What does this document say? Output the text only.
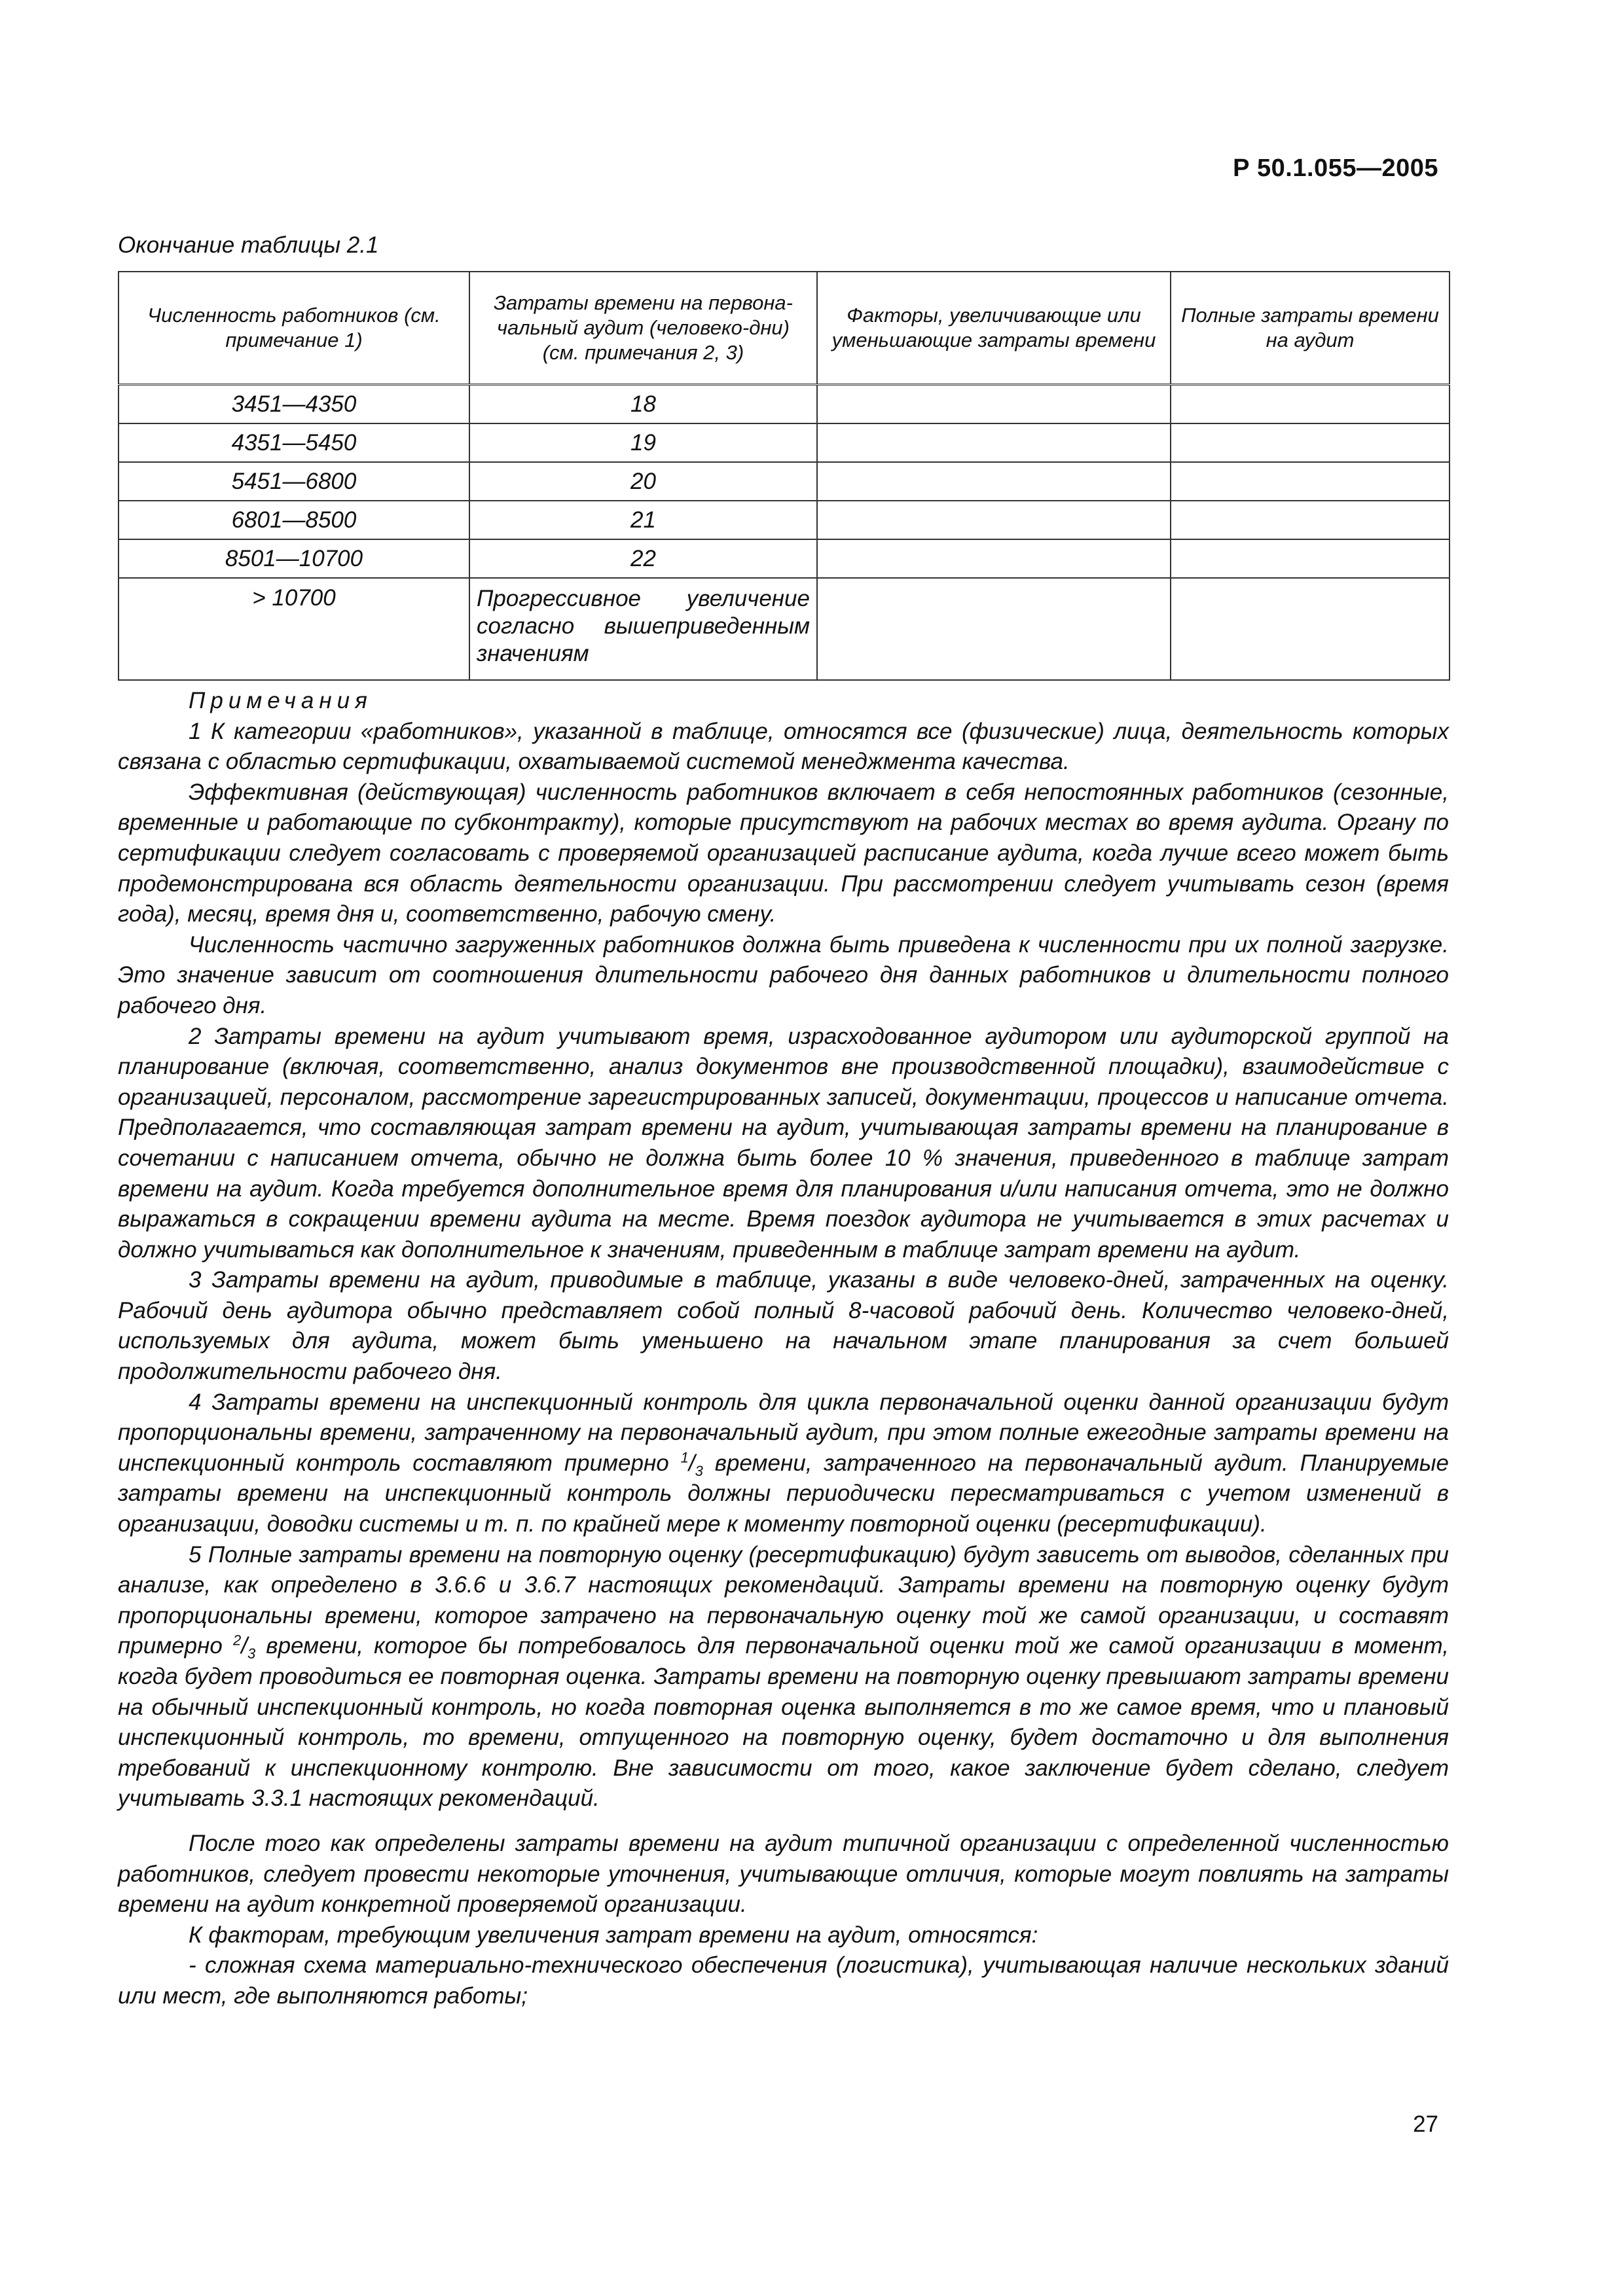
Р 50.1.055—2005
Окончание таблицы 2.1
Численность работников (см. примечание 1)	Затраты времени на первона-чальный аудит (человеко-дни) (см. примечания 2, 3)	Факторы, увеличивающие или уменьшающие затраты времени	Полные затраты времени на аудит
3451—4350	18		
4351—5450	19		
5451—6800	20		
6801—8500	21		
8501—10700	22		
> 10700	Прогрессивное увеличение согласно вышеприведенным значениям		

Примечания

1 К категории «работников», указанной в таблице, относятся все (физические) лица, деятельность которых связана с областью сертификации, охватываемой системой менеджмента качества.

Эффективная (действующая) численность работников включает в себя непостоянных работников (сезонные, временные и работающие по субконтракту), которые присутствуют на рабочих местах во время аудита. Органу по сертификации следует согласовать с проверяемой организацией расписание аудита, когда лучше всего может быть продемонстрирована вся область деятельности организации. При рассмотрении следует учитывать сезон (время года), месяц, время дня и, соответственно, рабочую смену.

Численность частично загруженных работников должна быть приведена к численности при их полной загрузке. Это значение зависит от соотношения длительности рабочего дня данных работников и длительности полного рабочего дня.

2 Затраты времени на аудит учитывают время, израсходованное аудитором или аудиторской группой на планирование (включая, соответственно, анализ документов вне производственной площадки), взаимодействие с организацией, персоналом, рассмотрение зарегистрированных записей, документации, процессов и написание отчета. Предполагается, что составляющая затрат времени на аудит, учитывающая затраты времени на планирование в сочетании с написанием отчета, обычно не должна быть более 10 % значения, приведенного в таблице затрат времени на аудит. Когда требуется дополнительное время для планирования и/или написания отчета, это не должно выражаться в сокращении времени аудита на месте. Время поездок аудитора не учитывается в этих расчетах и должно учитываться как дополнительное к значениям, приведенным в таблице затрат времени на аудит.

3 Затраты времени на аудит, приводимые в таблице, указаны в виде человеко-дней, затраченных на оценку. Рабочий день аудитора обычно представляет собой полный 8-часовой рабочий день. Количество человеко-дней, используемых для аудита, может быть уменьшено на начальном этапе планирования за счет большей продолжительности рабочего дня.

4 Затраты времени на инспекционный контроль для цикла первоначальной оценки данной организации будут пропорциональны времени, затраченному на первоначальный аудит, при этом полные ежегодные затраты времени на инспекционный контроль составляют примерно $^1/_3$ времени, затраченного на первоначальный аудит. Планируемые затраты времени на инспекционный контроль должны периодически пересматриваться с учетом изменений в организации, доводки системы и т. п. по крайней мере к моменту повторной оценки (ресертификации).

5 Полные затраты времени на повторную оценку (ресертификацию) будут зависеть от выводов, сделанных при анализе, как определено в 3.6.6 и 3.6.7 настоящих рекомендаций. Затраты времени на повторную оценку будут пропорциональны времени, которое затрачено на первоначальную оценку той же самой организации, и составят примерно $^2/_3$ времени, которое бы потребовалось для первоначальной оценки той же самой организации в момент, когда будет проводиться ее повторная оценка. Затраты времени на повторную оценку превышают затраты времени на обычный инспекционный контроль, но когда повторная оценка выполняется в то же самое время, что и плановый инспекционный контроль, то времени, отпущенного на повторную оценку, будет достаточно и для выполнения требований к инспекционному контролю. Вне зависимости от того, какое заключение будет сделано, следует учитывать 3.3.1 настоящих рекомендаций.

После того как определены затраты времени на аудит типичной организации с определенной численностью работников, следует провести некоторые уточнения, учитывающие отличия, которые могут повлиять на затраты времени на аудит конкретной проверяемой организации.

К факторам, требующим увеличения затрат времени на аудит, относятся:

- сложная схема материально-технического обеспечения (логистика), учитывающая наличие нескольких зданий или мест, где выполняются работы;

27
